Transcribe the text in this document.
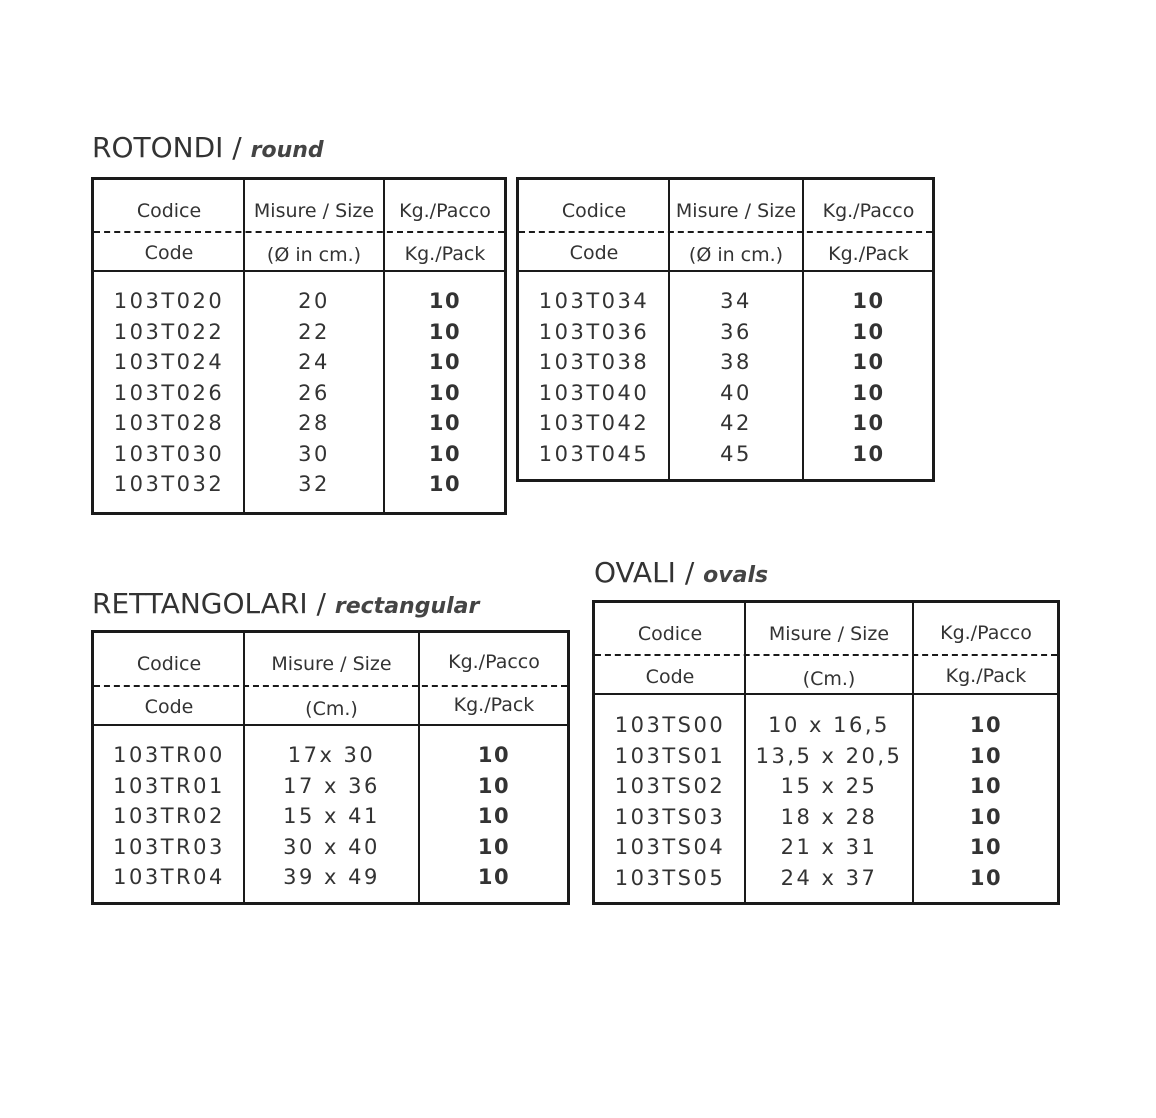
ROTONDI / round
Codice
Code
Misure / Size
(Ø in cm.)
Kg./Pacco
Kg./Pack
103T020
103T022
103T024
103T026
103T028
103T030
103T032
20
22
24
26
28
30
32
10
10
10
10
10
10
10
Codice
Code
Misure / Size
(Ø in cm.)
Kg./Pacco
Kg./Pack
103T034
103T036
103T038
103T040
103T042
103T045
34
36
38
40
42
45
10
10
10
10
10
10
RETTANGOLARI / rectangular
Codice
Code
Misure / Size
(Cm.)
Kg./Pacco
Kg./Pack
103TR00
103TR01
103TR02
103TR03
103TR04
17x 30
17 x 36
15 x 41
30 x 40
39 x 49
10
10
10
10
10
OVALI / ovals
Codice
Code
Misure / Size
(Cm.)
Kg./Pacco
Kg./Pack
103TS00
103TS01
103TS02
103TS03
103TS04
103TS05
10 x 16,5
13,5 x 20,5
15 x 25
18 x 28
21 x 31
24 x 37
10
10
10
10
10
10
